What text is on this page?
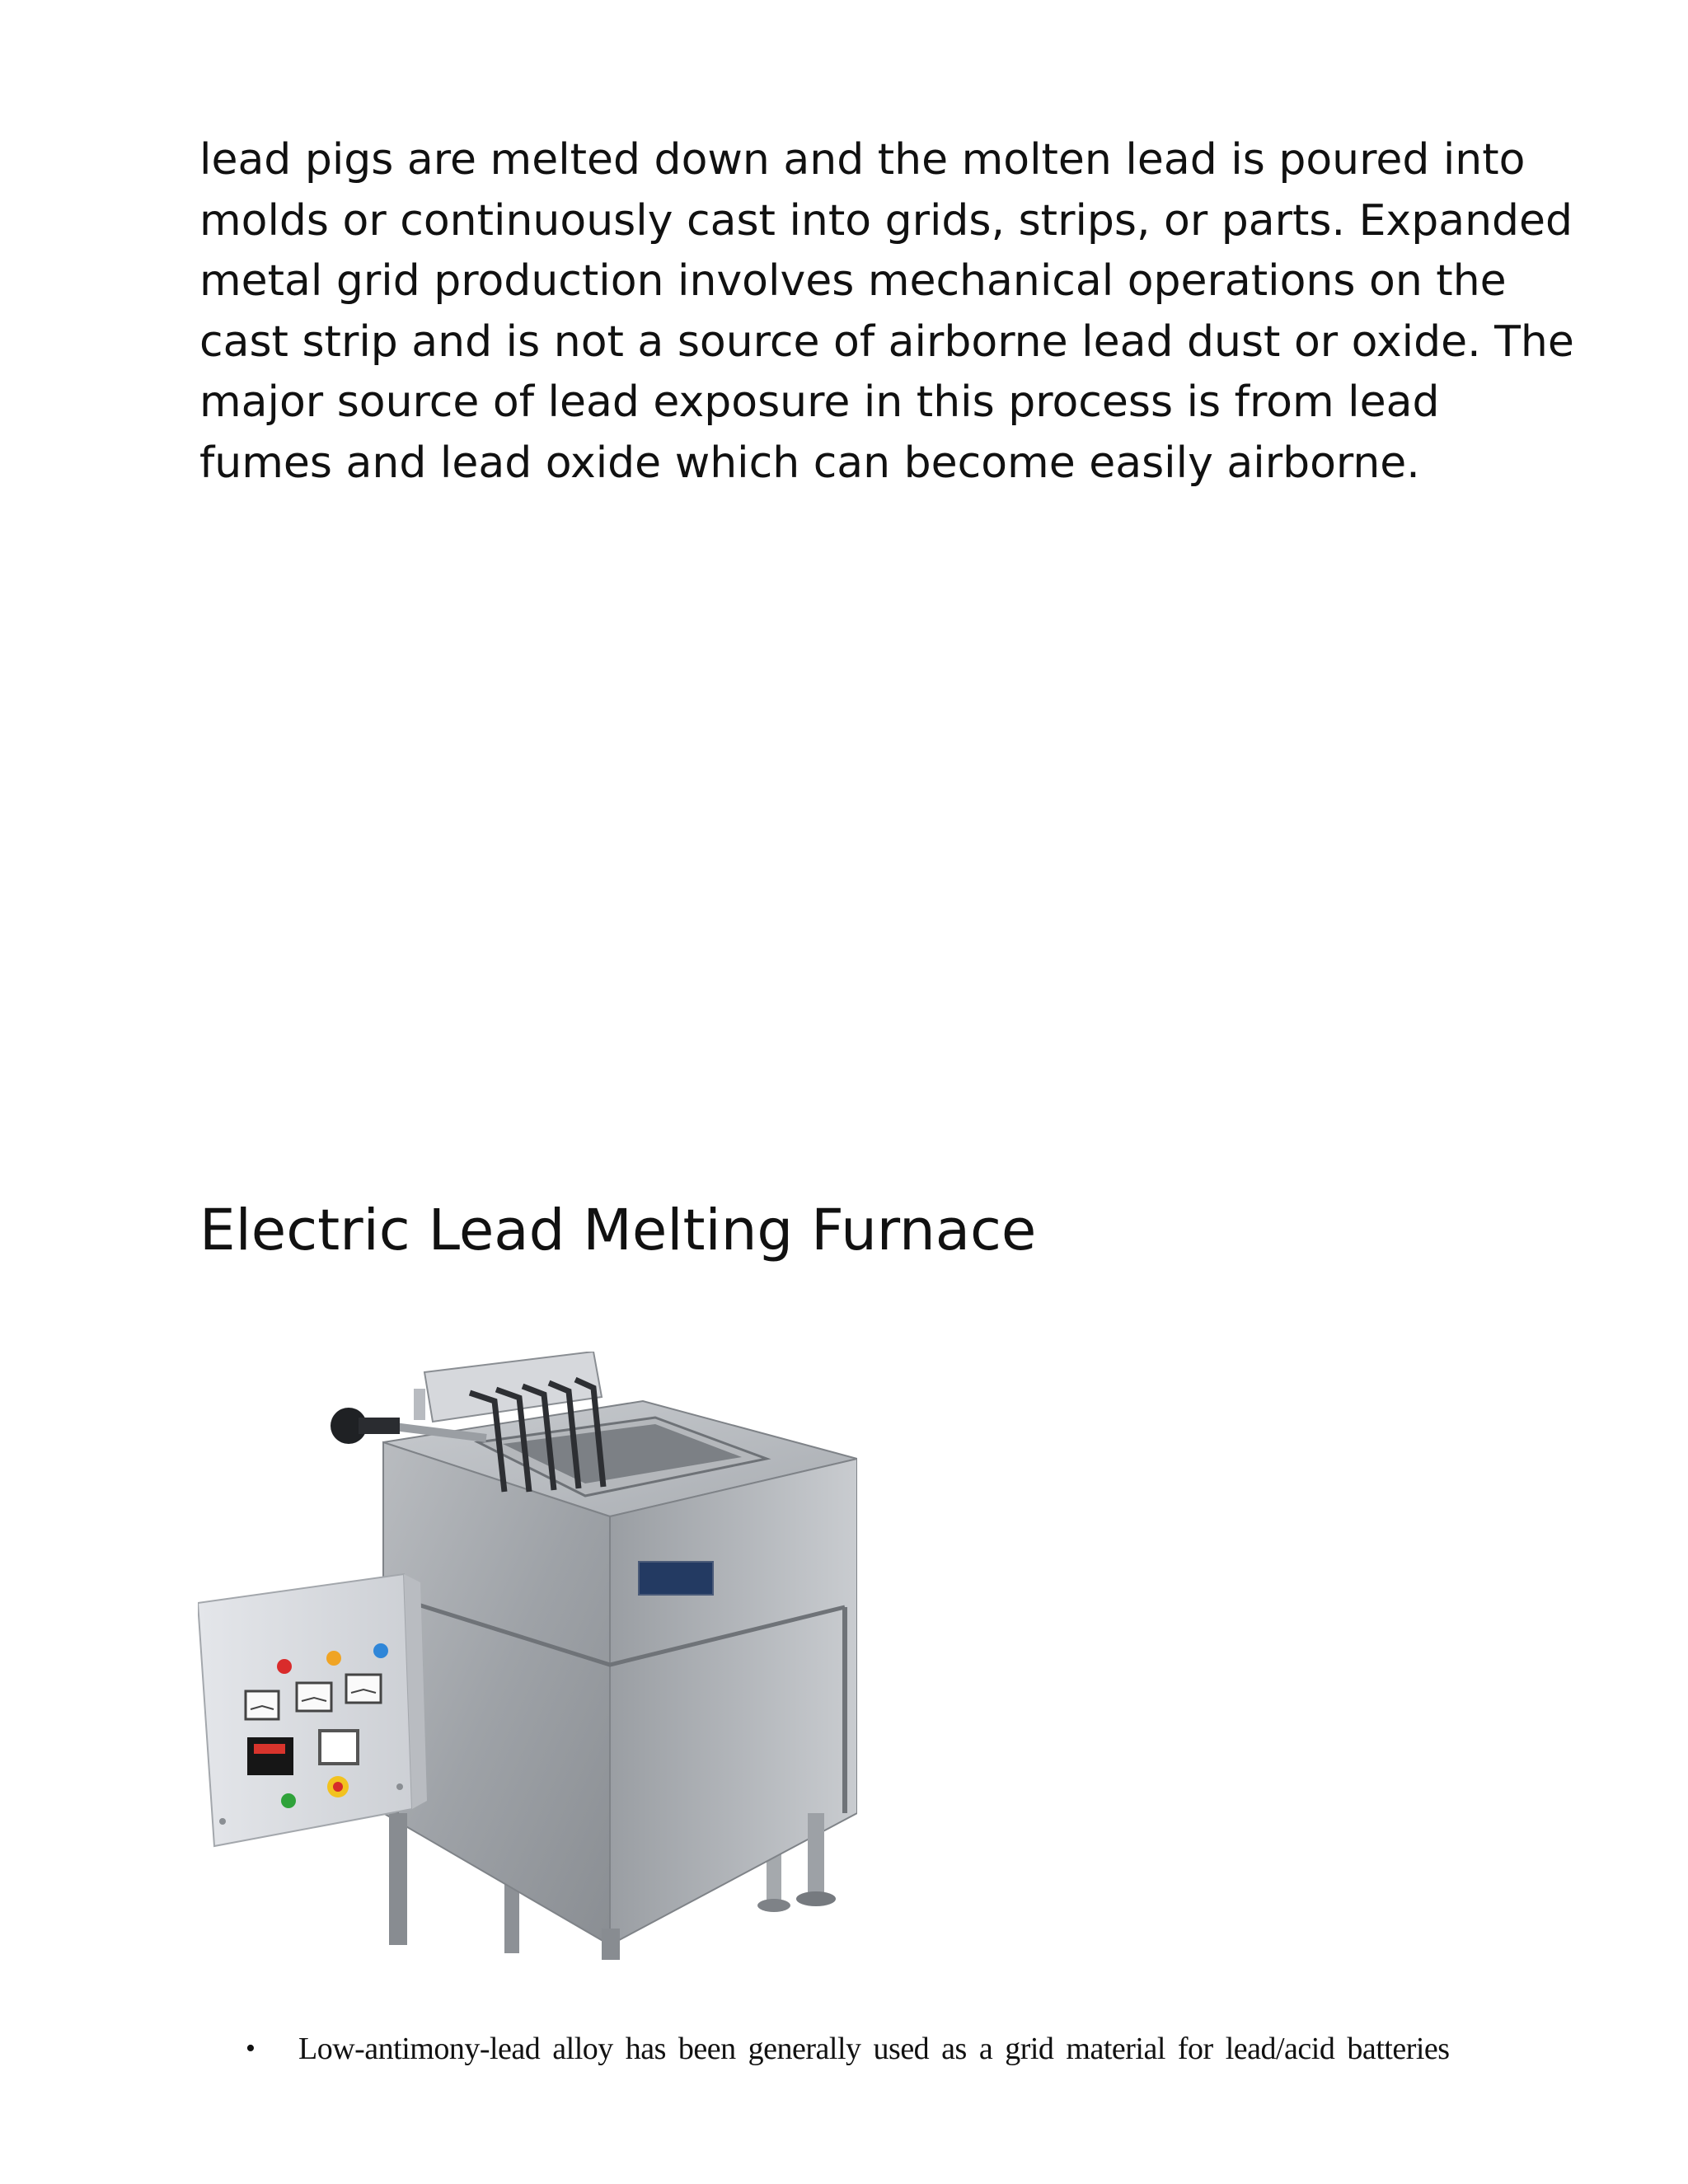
lead pigs are melted down and the molten lead is poured into
molds or continuously cast into grids, strips, or parts. Expanded
metal grid production involves mechanical operations on the
cast strip and is not a source of airborne lead dust or oxide. The
major source of lead exposure in this process is from lead
fumes and lead oxide which can become easily airborne.

Electric Lead Melting Furnace
• Low-antimony-lead alloy has been generally used as a grid material for lead/acid batteries
